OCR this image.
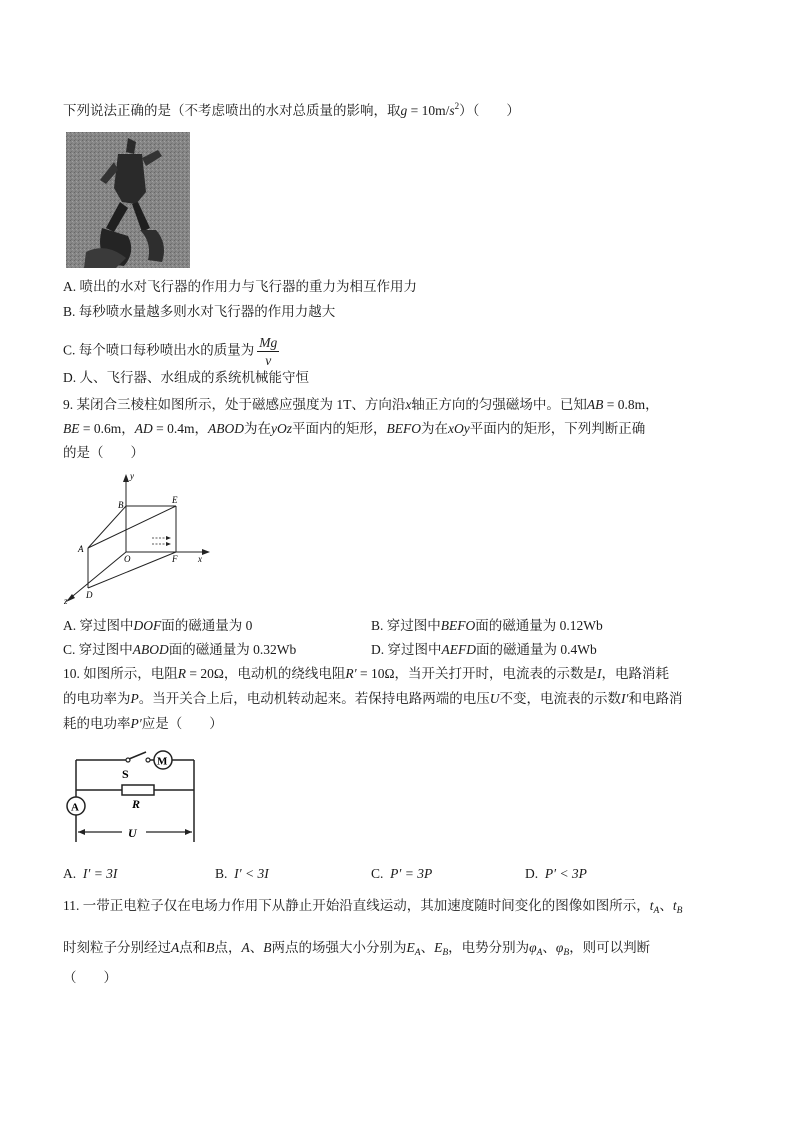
下列说法正确的是（不考虑喷出的水对总质量的影响，取$g = 10m/s^2$）（　　）
A. 喷出的水对飞行器的作用力与飞行器的重力为相互作用力
B. 每秒喷水量越多则水对飞行器的作用力越大
C. 每个喷口每秒喷出水的质量为 $\frac{Mg}{v}$
D. 人、飞行器、水组成的系统机械能守恒
9. 某闭合三棱柱如图所示，处于磁感应强度为 1T、方向沿x轴正方向的匀强磁场中。已知AB = 0.8m，
BE = 0.6m，AD = 0.4m，ABOD为在yOz平面内的矩形，BEFO为在xOy平面内的矩形，下列判断正确
的是（　　）
y
x
z
B	E
A
O	F
D
A. 穿过图中DOF面的磁通量为 0	B. 穿过图中BEFO面的磁通量为 0.12Wb
C. 穿过图中ABOD面的磁通量为 0.32Wb	D. 穿过图中AEFD面的磁通量为 0.4Wb
10. 如图所示，电阻R = 20Ω，电动机的绕线电阻R′ = 10Ω，当开关打开时，电流表的示数是I，电路消耗
的电功率为P。当开关合上后，电动机转动起来。若保持电路两端的电压U不变，电流表的示数I′和电路消
耗的电功率P′应是（　　）
M
S
R
A
U
A. I′ = 3I	B. I′ < 3I	C. P′ = 3P	D. P′ < 3P
11. 一带正电粒子仅在电场力作用下从静止开始沿直线运动，其加速度随时间变化的图像如图所示，$t_A$、$t_B$
时刻粒子分别经过A点和B点，A、B两点的场强大小分别为$E_A$、$E_B$，电势分别为$\varphi_A$、$\varphi_B$，则可以判断
（　　）
